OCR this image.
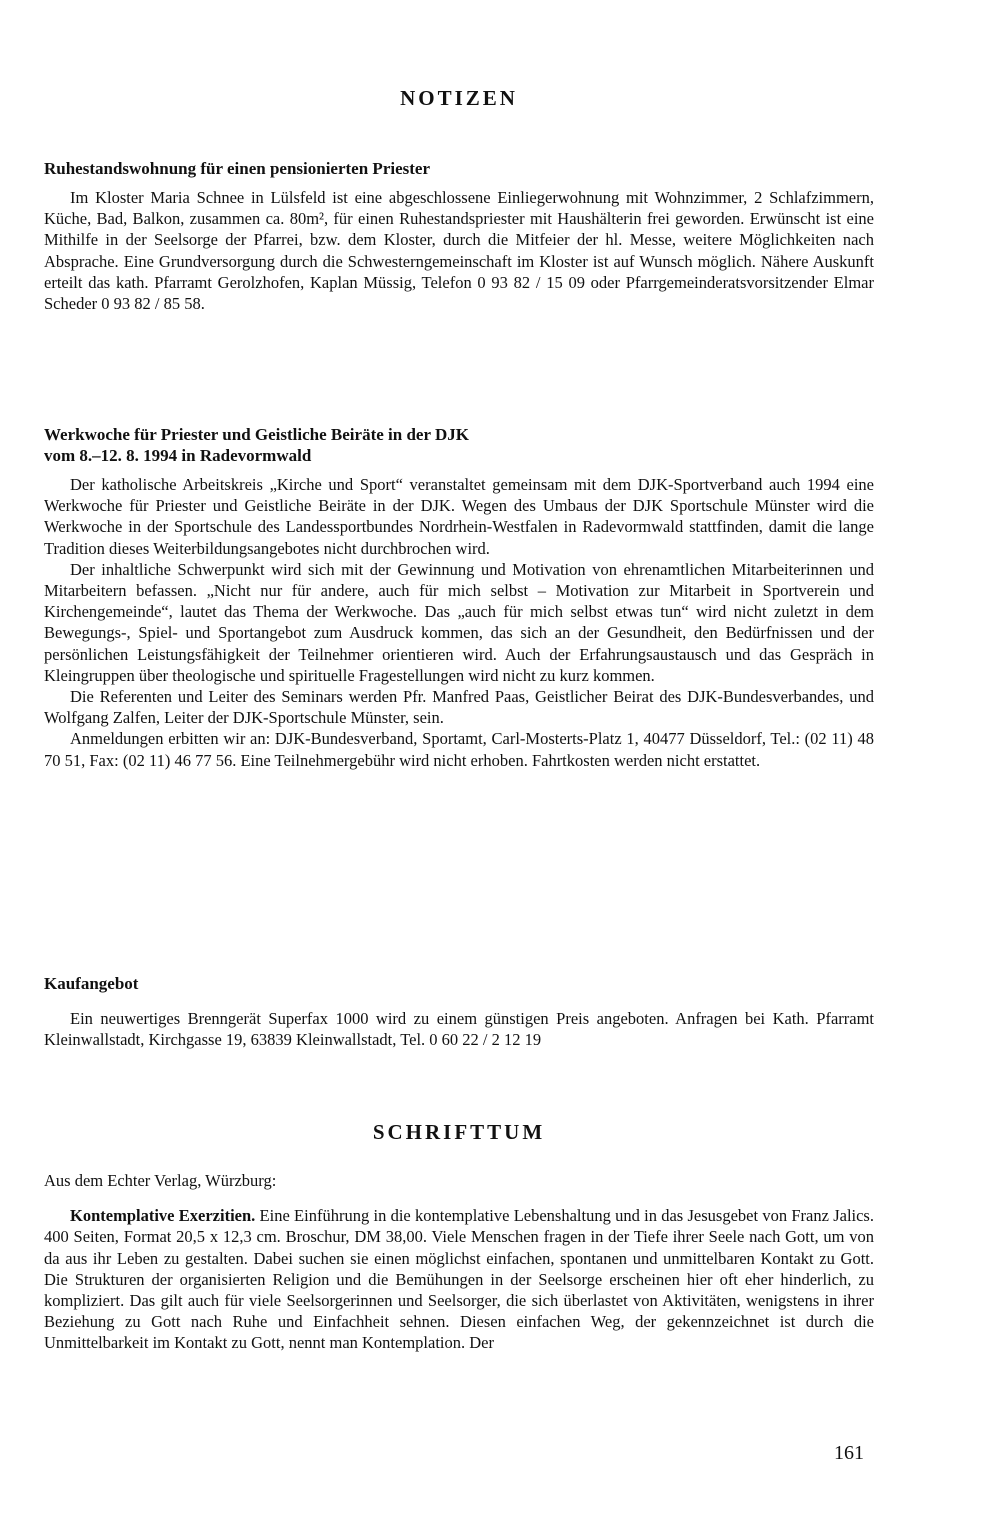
NOTIZEN

Ruhestandswohnung für einen pensionierten Priester

Im Kloster Maria Schnee in Lülsfeld ist eine abgeschlossene Einliegerwohnung mit Wohnzimmer, 2 Schlafzimmern, Küche, Bad, Balkon, zusammen ca. 80m², für einen Ruhestandspriester mit Haushälterin frei geworden. Erwünscht ist eine Mithilfe in der Seelsorge der Pfarrei, bzw. dem Kloster, durch die Mitfeier der hl. Messe, weitere Möglichkeiten nach Absprache. Eine Grundversorgung durch die Schwesterngemeinschaft im Kloster ist auf Wunsch möglich. Nähere Auskunft erteilt das kath. Pfarramt Gerolzhofen, Kaplan Müssig, Telefon 0 93 82 / 15 09 oder Pfarrgemeinderatsvorsitzender Elmar Scheder 0 93 82 / 85 58.

Werkwoche für Priester und Geistliche Beiräte in der DJK
vom 8.–12. 8. 1994 in Radevormwald

Der katholische Arbeitskreis „Kirche und Sport“ veranstaltet gemeinsam mit dem DJK-Sportverband auch 1994 eine Werkwoche für Priester und Geistliche Beiräte in der DJK. Wegen des Umbaus der DJK Sportschule Münster wird die Werkwoche in der Sportschule des Landessportbundes Nordrhein-Westfalen in Radevormwald stattfinden, damit die lange Tradition dieses Weiterbildungsangebotes nicht durchbrochen wird.

Der inhaltliche Schwerpunkt wird sich mit der Gewinnung und Motivation von ehrenamtlichen Mitarbeiterinnen und Mitarbeitern befassen. „Nicht nur für andere, auch für mich selbst – Motivation zur Mitarbeit in Sportverein und Kirchengemeinde“, lautet das Thema der Werkwoche. Das „auch für mich selbst etwas tun“ wird nicht zuletzt in dem Bewegungs-, Spiel- und Sportangebot zum Ausdruck kommen, das sich an der Gesundheit, den Bedürfnissen und der persönlichen Leistungsfähigkeit der Teilnehmer orientieren wird. Auch der Erfahrungsaustausch und das Gespräch in Kleingruppen über theologische und spirituelle Fragestellungen wird nicht zu kurz kommen.

Die Referenten und Leiter des Seminars werden Pfr. Manfred Paas, Geistlicher Beirat des DJK-Bundesverbandes, und Wolfgang Zalfen, Leiter der DJK-Sportschule Münster, sein.

Anmeldungen erbitten wir an: DJK-Bundesverband, Sportamt, Carl-Mosterts-Platz 1, 40477 Düsseldorf, Tel.: (02 11) 48 70 51, Fax: (02 11) 46 77 56. Eine Teilnehmergebühr wird nicht erhoben. Fahrtkosten werden nicht erstattet.

Kaufangebot

Ein neuwertiges Brenngerät Superfax 1000 wird zu einem günstigen Preis angeboten. Anfragen bei Kath. Pfarramt Kleinwallstadt, Kirchgasse 19, 63839 Kleinwallstadt, Tel. 0 60 22 / 2 12 19

SCHRIFTTUM

Aus dem Echter Verlag, Würzburg:

Kontemplative Exerzitien. Eine Einführung in die kontemplative Lebenshaltung und in das Jesusgebet von Franz Jalics. 400 Seiten, Format 20,5 x 12,3 cm. Broschur, DM 38,00. Viele Menschen fragen in der Tiefe ihrer Seele nach Gott, um von da aus ihr Leben zu gestalten. Dabei suchen sie einen möglichst einfachen, spontanen und unmittelbaren Kontakt zu Gott. Die Strukturen der organisierten Religion und die Bemühungen in der Seelsorge erscheinen hier oft eher hinderlich, zu kompliziert. Das gilt auch für viele Seelsorgerinnen und Seelsorger, die sich überlastet von Aktivitäten, wenigstens in ihrer Beziehung zu Gott nach Ruhe und Einfachheit sehnen. Diesen einfachen Weg, der gekennzeichnet ist durch die Unmittelbarkeit im Kontakt zu Gott, nennt man Kontemplation. Der

161
